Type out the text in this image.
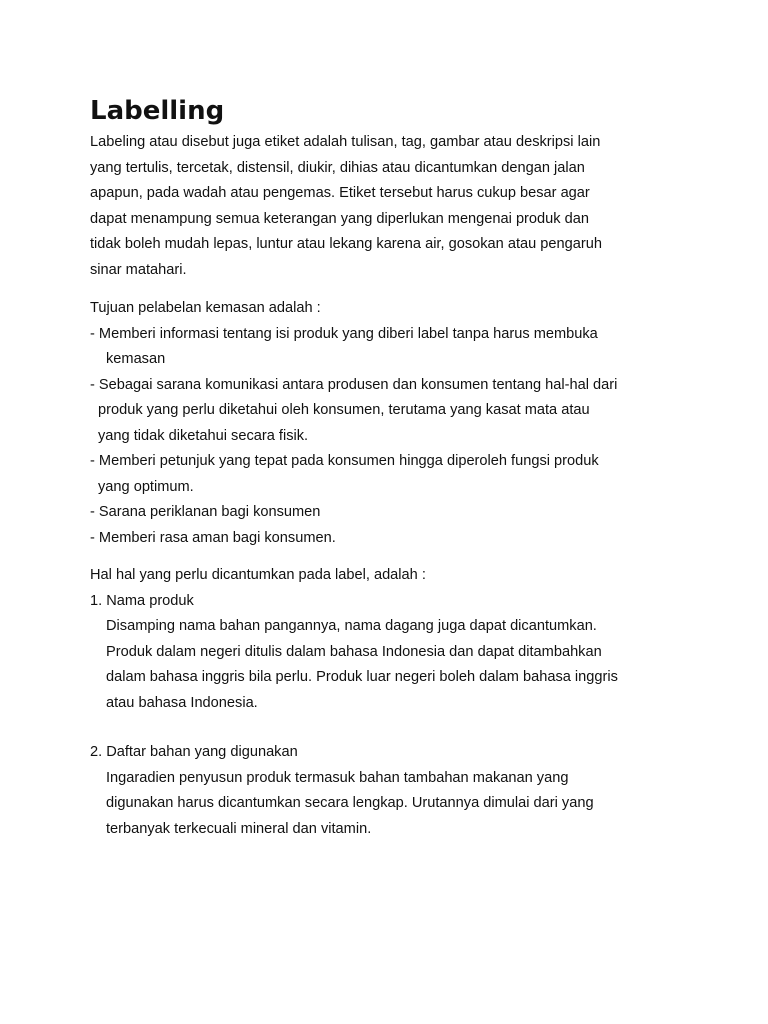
Labelling
Labeling atau disebut juga etiket adalah tulisan, tag, gambar atau deskripsi lain
yang tertulis, tercetak, distensil, diukir, dihias atau dicantumkan dengan jalan
apapun, pada wadah atau pengemas. Etiket tersebut harus cukup besar agar
dapat menampung semua keterangan yang diperlukan mengenai produk dan
tidak boleh mudah lepas, luntur atau lekang karena air, gosokan atau pengaruh
sinar matahari.
Tujuan pelabelan kemasan adalah :
- Memberi informasi tentang isi produk yang diberi label tanpa harus membuka
kemasan
- Sebagai sarana komunikasi antara produsen dan konsumen tentang hal-hal dari
produk yang perlu diketahui oleh konsumen, terutama yang kasat mata atau
yang tidak diketahui secara fisik.
- Memberi petunjuk yang tepat pada konsumen hingga diperoleh fungsi produk
yang optimum.
- Sarana periklanan bagi konsumen
- Memberi rasa aman bagi konsumen.
Hal hal yang perlu dicantumkan pada label, adalah :
1. Nama produk
Disamping nama bahan pangannya, nama dagang juga dapat dicantumkan.
Produk dalam negeri ditulis dalam bahasa Indonesia dan dapat ditambahkan
dalam bahasa inggris bila perlu. Produk luar negeri boleh dalam bahasa inggris
atau bahasa Indonesia.
2. Daftar bahan yang digunakan
Ingaradien penyusun produk termasuk bahan tambahan makanan yang
digunakan harus dicantumkan secara lengkap. Urutannya dimulai dari yang
terbanyak terkecuali mineral dan vitamin.
